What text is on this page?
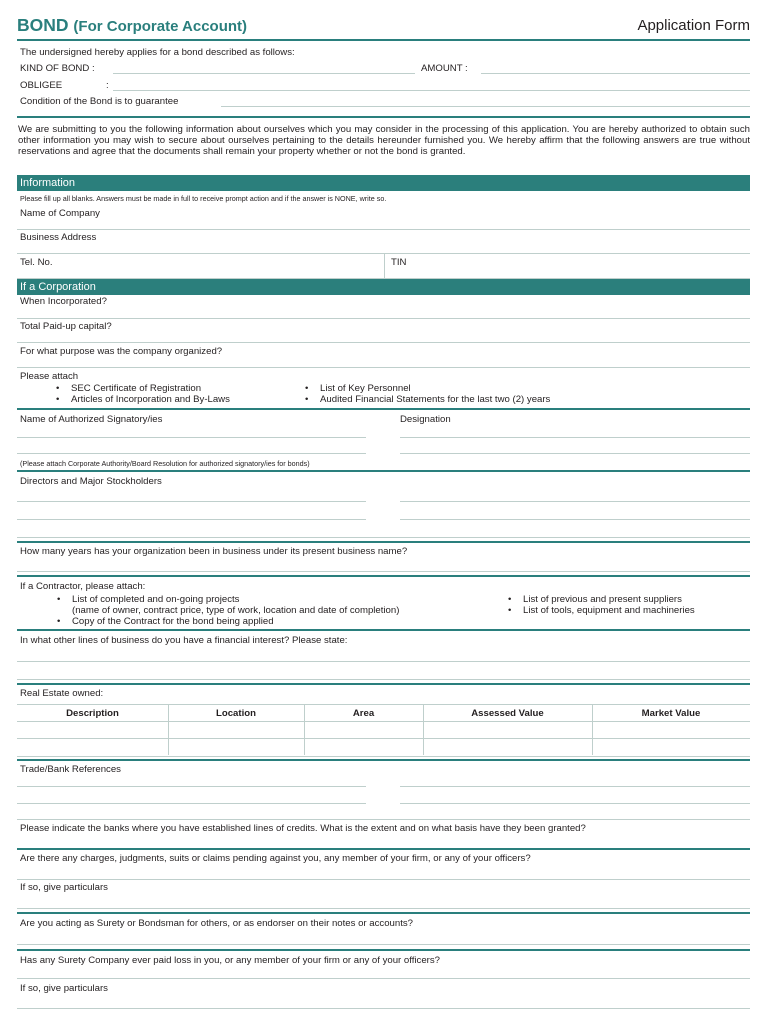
BOND (For Corporate Account)	Application Form
The undersigned hereby applies for a bond described as follows:
KIND OF BOND :	AMOUNT :
OBLIGEE	:
Condition of the Bond is to guarantee
We are submitting to you the following information about ourselves which you may consider in the processing of this application. You are hereby authorized to obtain such other information you may wish to secure about ourselves pertaining to the details hereunder furnished you. We hereby affirm that the following answers are true without reservations and agree that the documents shall remain your property whether or not the bond is granted.
Information
Please fill up all blanks. Answers must be made in full to receive prompt action and if the answer is NONE, write so.
Name of Company
Business Address
Tel. No.	TIN
If a Corporation
When Incorporated?
Total Paid-up capital?
For what purpose was the company organized?
Please attach
• SEC Certificate of Registration
• Articles of Incorporation and By-Laws
• List of Key Personnel
• Audited Financial Statements for the last two (2) years
Name of Authorized Signatory/ies	Designation
(Please attach Corporate Authority/Board Resolution for authorized signatory/ies for bonds)
Directors and Major Stockholders
How many years has your organization been in business under its present business name?
If a Contractor, please attach:
• List of completed and on-going projects
(name of owner, contract price, type of work, location and date of completion)
• Copy of the Contract for the bond being applied
• List of previous and present suppliers
• List of tools, equipment and machineries
In what other lines of business do you have a financial interest? Please state:
Real Estate owned:
Description	Location	Area	Assessed Value	Market Value
Trade/Bank References
Please indicate the banks where you have established lines of credits. What is the extent and on what basis have they been granted?
Are there any charges, judgments, suits or claims pending against you, any member of your firm, or any of your officers?
If so, give particulars
Are you acting as Surety or Bondsman for others, or as endorser on their notes or accounts?
Has any Surety Company ever paid loss in you, or any member of your firm or any of your officers?
If so, give particulars
